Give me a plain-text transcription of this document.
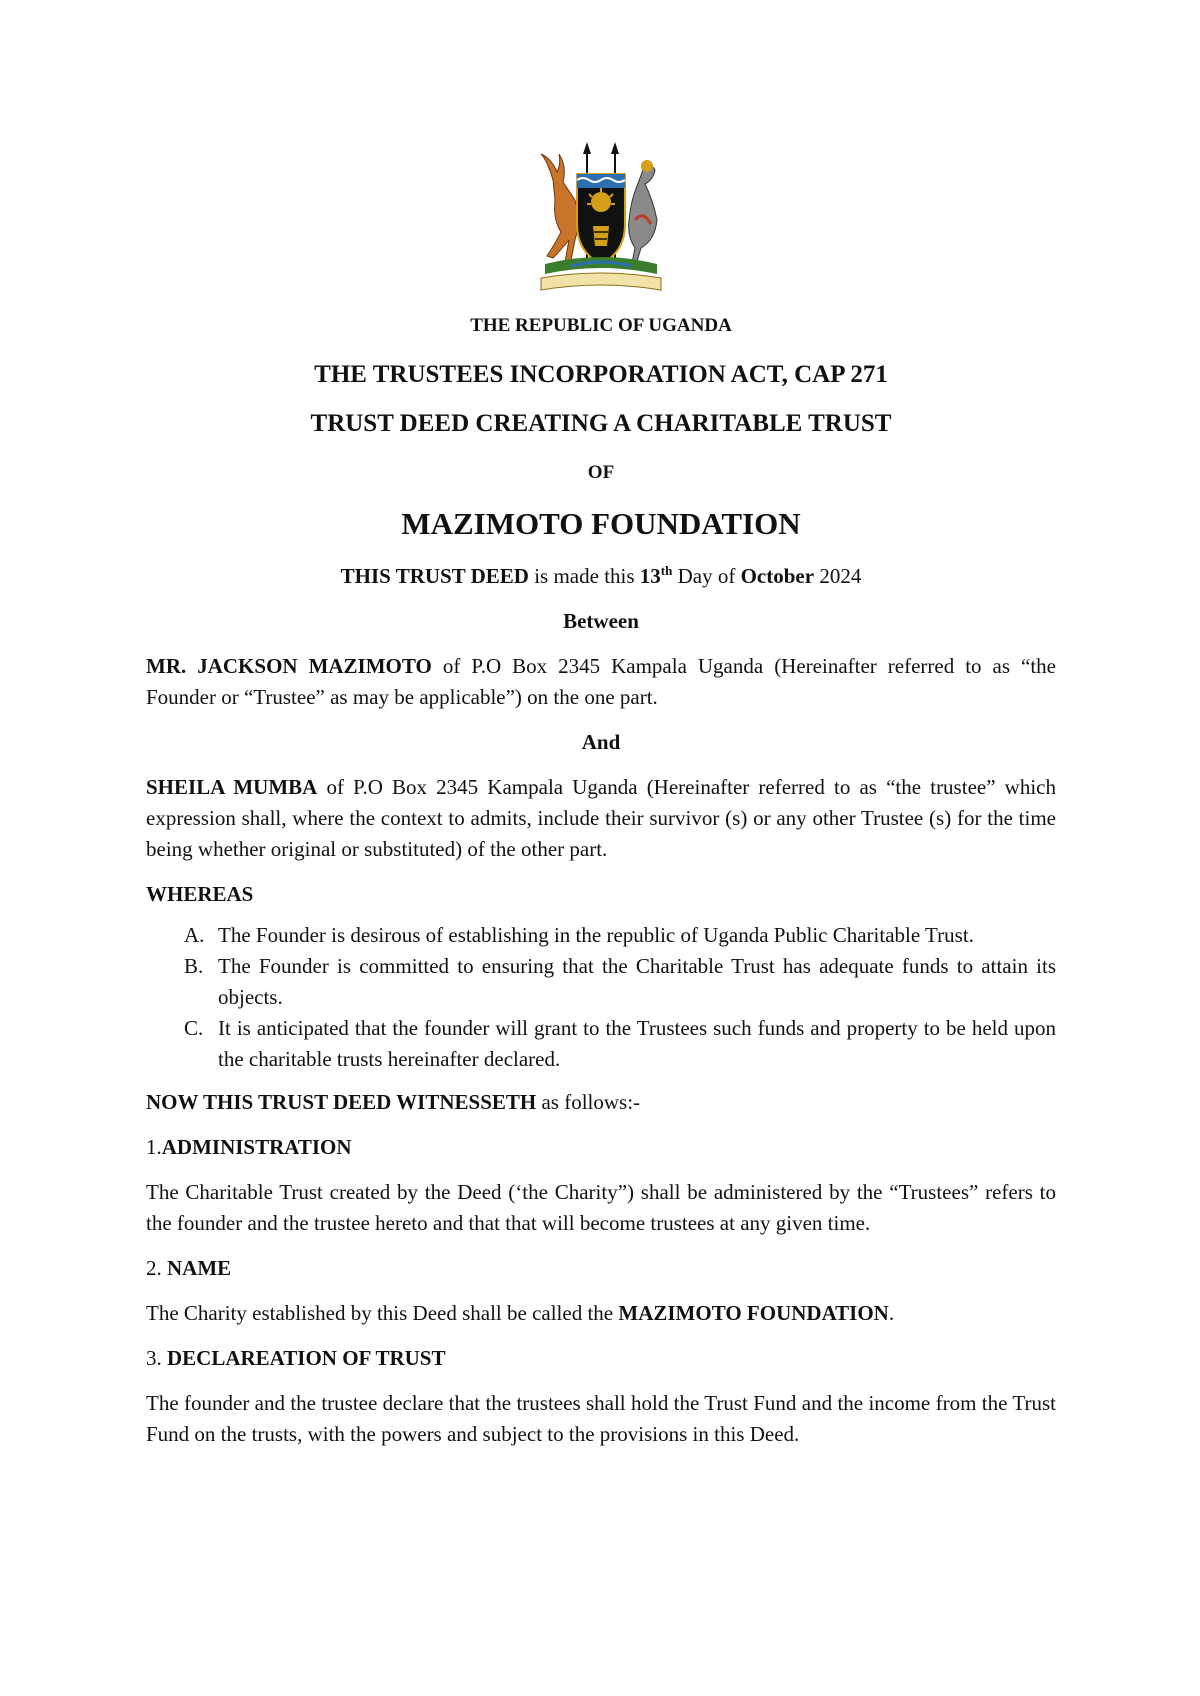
THE REPUBLIC OF UGANDA
THE TRUSTEES INCORPORATION ACT, CAP 271
TRUST DEED CREATING A CHARITABLE TRUST
OF
MAZIMOTO FOUNDATION

THIS TRUST DEED is made this 13th Day of October 2024

Between

MR. JACKSON MAZIMOTO of P.O Box 2345 Kampala Uganda (Hereinafter referred to as “the Founder or “Trustee” as may be applicable”) on the one part.

And

SHEILA MUMBA of P.O Box 2345 Kampala Uganda (Hereinafter referred to as “the trustee” which expression shall, where the context to admits, include their survivor (s) or any other Trustee (s) for the time being whether original or substituted) of the other part.

WHEREAS
A. The Founder is desirous of establishing in the republic of Uganda Public Charitable Trust.
B. The Founder is committed to ensuring that the Charitable Trust has adequate funds to attain its objects.
C. It is anticipated that the founder will grant to the Trustees such funds and property to be held upon the charitable trusts hereinafter declared.

NOW THIS TRUST DEED WITNESSETH as follows:-

1.ADMINISTRATION

The Charitable Trust created by the Deed (‘the Charity”) shall be administered by the “Trustees” refers to the founder and the trustee hereto and that that will become trustees at any given time.

2. NAME

The Charity established by this Deed shall be called the MAZIMOTO FOUNDATION.

3. DECLAREATION OF TRUST

The founder and the trustee declare that the trustees shall hold the Trust Fund and the income from the Trust Fund on the trusts, with the powers and subject to the provisions in this Deed.
